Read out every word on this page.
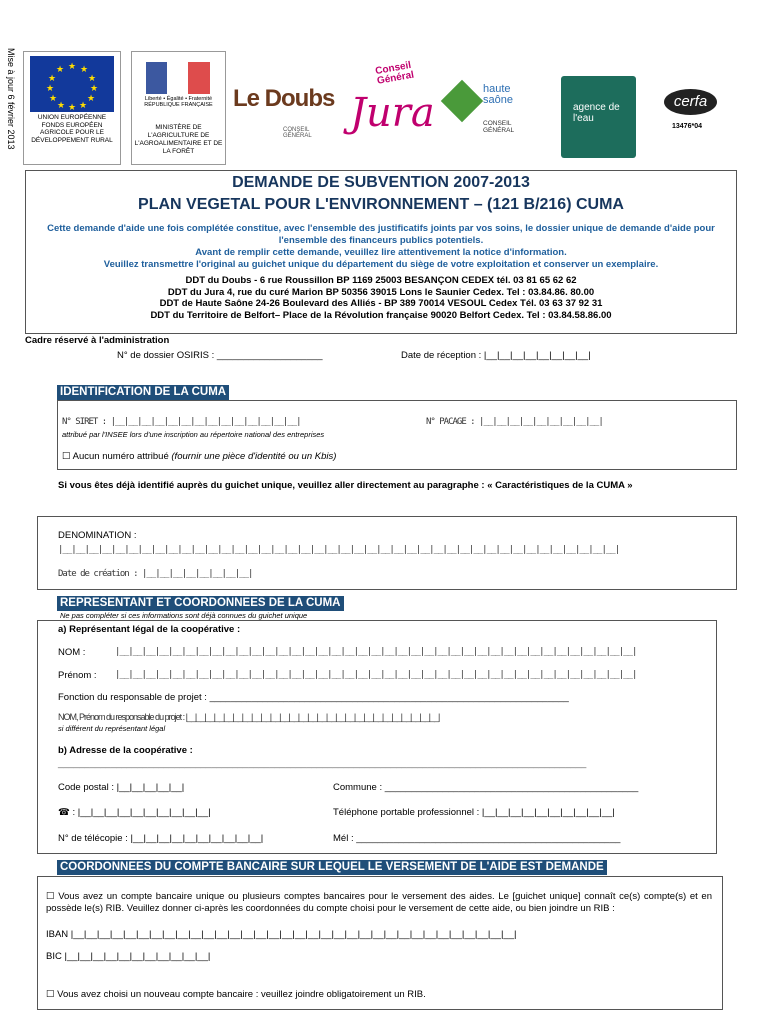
Mise à jour 6 février 2013	★ ★
★
★
★
★
★
★
★
★
★
★
UNION EUROPÉENNE FONDS EUROPÉEN AGRICOLE POUR LE DÉVELOPPEMENT RURAL
Liberté • Égalité • Fraternité RÉPUBLIQUE FRANÇAISE
MINISTÈRE DE L'AGRICULTURE DE L'AGROALIMENTAIRE ET DE LA FORÊT
Le Doubs
CONSEIL GÉNÉRAL
Conseil Général
Jura
haute saône
CONSEIL GÉNÉRAL
agence de l'eau
cerfa
13476*04
DEMANDE DE SUBVENTION 2007-2013
PLAN VEGETAL POUR L'ENVIRONNEMENT – (121 B/216) CUMA
Cette demande d'aide une fois complétée constitue, avec l'ensemble des justificatifs joints par vos soins, le dossier unique de demande d'aide pour l'ensemble des financeurs publics potentiels.
Avant de remplir cette demande, veuillez lire attentivement la notice d'information.
Veuillez transmettre l'original au guichet unique du département du siège de votre exploitation et conserver un exemplaire.
DDT du Doubs - 6 rue Roussillon BP 1169 25003 BESANÇON CEDEX tél. 03 81 65 62 62
DDT du Jura 4, rue du curé Marion BP 50356 39015 Lons le Saunier Cedex. Tel : 03.84.86. 80.00
DDT de Haute Saône 24-26 Boulevard des Alliés - BP 389 70014 VESOUL Cedex Tél. 03 63 37 92 31
DDT du Territoire de Belfort– Place de la Révolution française 90020 Belfort Cedex. Tel : 03.84.58.86.00
Cadre réservé à l'administration
N° de dossier OSIRIS : ____________________	Date de réception : |__|__|__|__|__|__|__|__|
IDENTIFICATION DE LA CUMA
N° SIRET : |__|__|__|__|__|__|__|__|__|__|__|__|__|__|	N° PACAGE : |__|__|__|__|__|__|__|__|__|
attribué par l'INSEE lors d'une inscription au répertoire national des entreprises
☐ Aucun numéro attribué (fournir une pièce d'identité ou un Kbis)
Si vous êtes déjà identifié auprès du guichet unique, veuillez aller directement au paragraphe : « Caractéristiques de la CUMA »
DENOMINATION :
|__|__|__|__|__|__|__|__|__|__|__|__|__|__|__|__|__|__|__|__|__|__|__|__|__|__|__|__|__|__|__|__|__|__|__|__|__|__|__|__|__|__|
Date de création : |__|__|__|__|__|__|__|__|
REPRESENTANT ET COORDONNEES DE LA CUMA
Ne pas compléter si ces informations sont déjà connues du guichet unique
a) Représentant légal de la coopérative :
NOM :	|__|__|__|__|__|__|__|__|__|__|__|__|__|__|__|__|__|__|__|__|__|__|__|__|__|__|__|__|__|__|__|__|__|__|__|__|__|__|__|
Prénom : |__|__|__|__|__|__|__|__|__|__|__|__|__|__|__|__|__|__|__|__|__|__|__|__|__|__|__|__|__|__|__|__|__|__|__|__|__|__|__|
Fonction du responsable de projet : ____________________________________________________________________
NOM, Prénom du responsable du projet : |__|__|__|__|__|__|__|__|__|__|__|__|__|__|__|__|__|__|__|__|__|__|__|__|__|__|__|
si différent du représentant légal
b) Adresse de la coopérative :
____________________________________________________________________________________________________
Code postal : |__|__|__|__|__|	Commune : ________________________________________________
☎ : |__|__|__|__|__|__|__|__|__|__|	Téléphone portable professionnel : |__|__|__|__|__|__|__|__|__|__|
N° de télécopie : |__|__|__|__|__|__|__|__|__|__|	Mél : __________________________________________________
COORDONNEES DU COMPTE BANCAIRE SUR LEQUEL LE VERSEMENT DE L'AIDE EST DEMANDE
☐ Vous avez un compte bancaire unique ou plusieurs comptes bancaires pour le versement des aides. Le [guichet unique] connaît ce(s) compte(s) et en possède le(s) RIB. Veuillez donner ci-après les coordonnées du compte choisi pour le versement de cette aide, ou bien joindre un RIB :
IBAN |__|__|__|__|__|__|__|__|__|__|__|__|__|__|__|__|__|__|__|__|__|__|__|__|__|__|__|__|__|__|__|__|__|__|
BIC |__|__|__|__|__|__|__|__|__|__|__|
☐ Vous avez choisi un nouveau compte bancaire : veuillez joindre obligatoirement un RIB.
